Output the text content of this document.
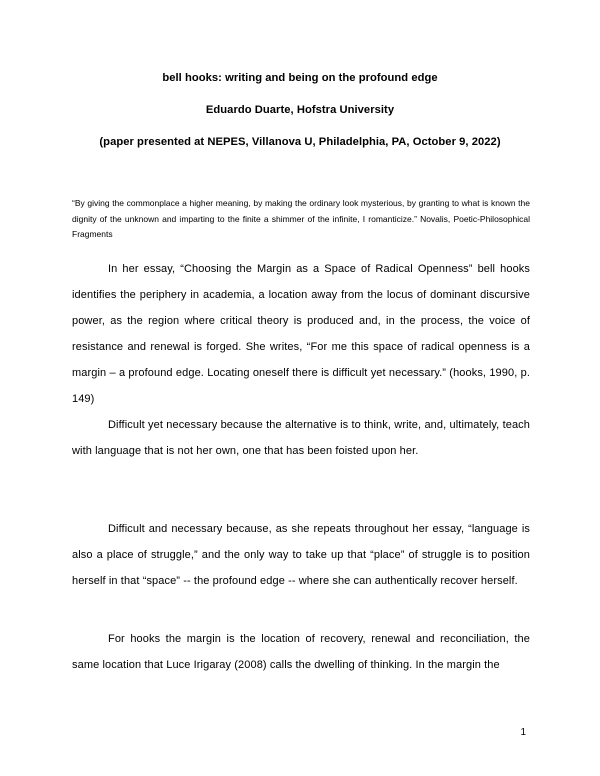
bell hooks: writing and being on the profound edge
Eduardo Duarte, Hofstra University
(paper presented at NEPES, Villanova U, Philadelphia, PA, October 9, 2022)
“By giving the commonplace a higher meaning, by making the ordinary look mysterious, by granting to what is known the dignity of the unknown and imparting to the finite a shimmer of the infinite, I romanticize.” Novalis, Poetic-Philosophical Fragments
In her essay, “Choosing the Margin as a Space of Radical Openness” bell hooks identifies the periphery in academia, a location away from the locus of dominant discursive power, as the region where critical theory is produced and, in the process, the voice of resistance and renewal is forged. She writes, “For me this space of radical openness is a margin – a profound edge. Locating oneself there is difficult yet necessary.” (hooks, 1990, p. 149)
Difficult yet necessary because the alternative is to think, write, and, ultimately, teach with language that is not her own, one that has been foisted upon her.
Difficult and necessary because, as she repeats throughout her essay, “language is also a place of struggle,” and the only way to take up that “place” of struggle is to position herself in that “space” -- the profound edge -- where she can authentically recover herself.
For hooks the margin is the location of recovery, renewal and reconciliation, the same location that Luce Irigaray (2008) calls the dwelling of thinking. In the margin the
1
